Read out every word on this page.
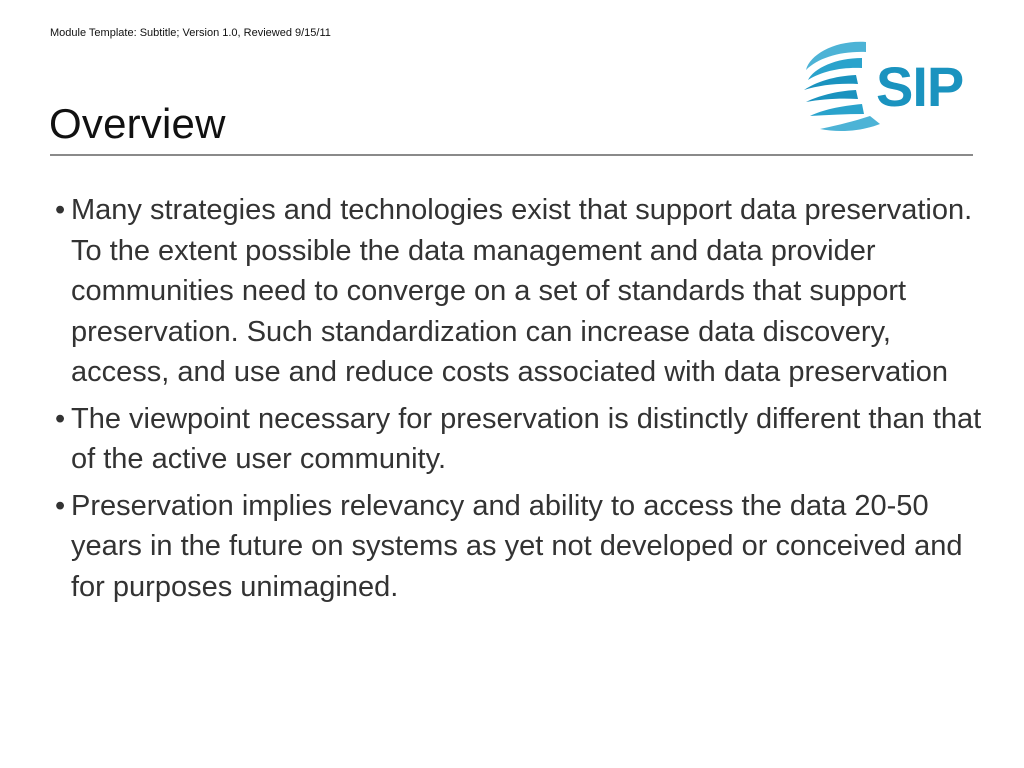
Module Template: Subtitle; Version 1.0, Reviewed 9/15/11
SIP
Overview
• Many strategies and technologies exist that support data preservation. To the extent possible the data management and data provider communities need to converge on a set of standards that support preservation. Such standardization can increase data discovery, access, and use and reduce costs associated with data preservation
• The viewpoint necessary for preservation is distinctly different than that of the active user community.
• Preservation implies relevancy and ability to access the data 20-50 years in the future on systems as yet not developed or conceived and for purposes unimagined.
